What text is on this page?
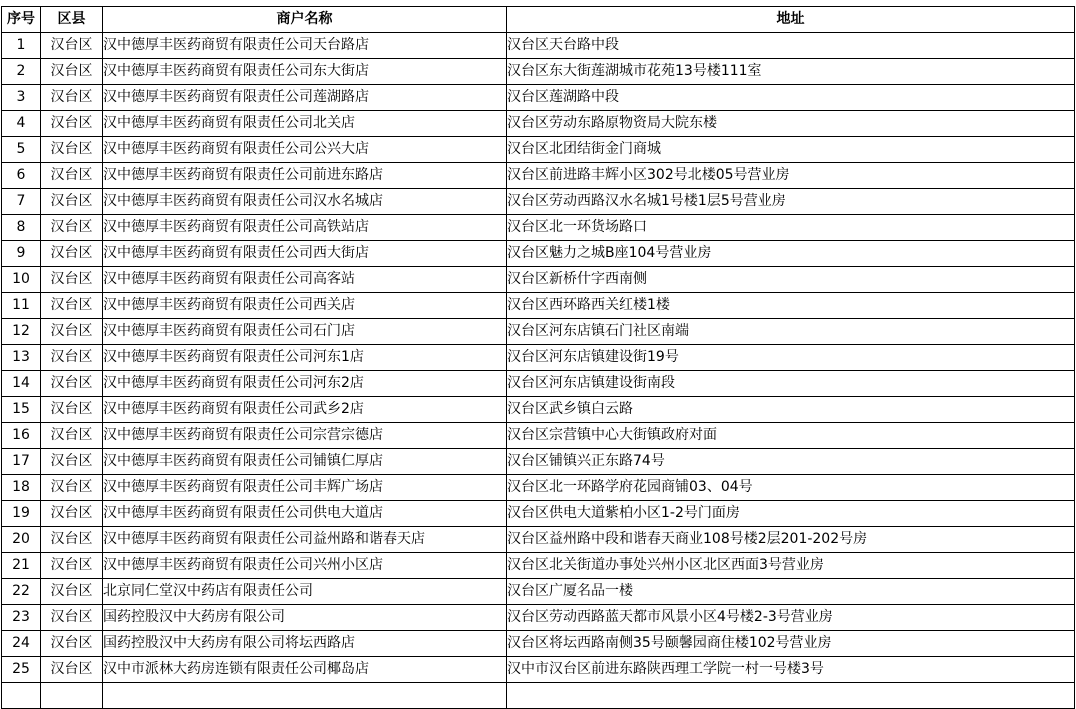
序号	区县	商户名称	地址
1	汉台区	汉中德厚丰医药商贸有限责任公司天台路店	汉台区天台路中段
2	汉台区	汉中德厚丰医药商贸有限责任公司东大街店	汉台区东大街莲湖城市花苑13号楼111室
3	汉台区	汉中德厚丰医药商贸有限责任公司莲湖路店	汉台区莲湖路中段
4	汉台区	汉中德厚丰医药商贸有限责任公司北关店	汉台区劳动东路原物资局大院东楼
5	汉台区	汉中德厚丰医药商贸有限责任公司公兴大店	汉台区北团结街金门商城
6	汉台区	汉中德厚丰医药商贸有限责任公司前进东路店	汉台区前进路丰辉小区302号北楼05号营业房
7	汉台区	汉中德厚丰医药商贸有限责任公司汉水名城店	汉台区劳动西路汉水名城1号楼1层5号营业房
8	汉台区	汉中德厚丰医药商贸有限责任公司高铁站店	汉台区北一环货场路口
9	汉台区	汉中德厚丰医药商贸有限责任公司西大街店	汉台区魅力之城B座104号营业房
10	汉台区	汉中德厚丰医药商贸有限责任公司高客站	汉台区新桥什字西南侧
11	汉台区	汉中德厚丰医药商贸有限责任公司西关店	汉台区西环路西关红楼1楼
12	汉台区	汉中德厚丰医药商贸有限责任公司石门店	汉台区河东店镇石门社区南端
13	汉台区	汉中德厚丰医药商贸有限责任公司河东1店	汉台区河东店镇建设街19号
14	汉台区	汉中德厚丰医药商贸有限责任公司河东2店	汉台区河东店镇建设街南段
15	汉台区	汉中德厚丰医药商贸有限责任公司武乡2店	汉台区武乡镇白云路
16	汉台区	汉中德厚丰医药商贸有限责任公司宗营宗德店	汉台区宗营镇中心大街镇政府对面
17	汉台区	汉中德厚丰医药商贸有限责任公司铺镇仁厚店	汉台区铺镇兴正东路74号
18	汉台区	汉中德厚丰医药商贸有限责任公司丰辉广场店	汉台区北一环路学府花园商铺03、04号
19	汉台区	汉中德厚丰医药商贸有限责任公司供电大道店	汉台区供电大道紫柏小区1-2号门面房
20	汉台区	汉中德厚丰医药商贸有限责任公司益州路和谐春天店	汉台区益州路中段和谐春天商业108号楼2层201-202号房
21	汉台区	汉中德厚丰医药商贸有限责任公司兴州小区店	汉台区北关街道办事处兴州小区北区西面3号营业房
22	汉台区	北京同仁堂汉中药店有限责任公司	汉台区广厦名品一楼
23	汉台区	国药控股汉中大药房有限公司	汉台区劳动西路蓝天都市风景小区4号楼2-3号营业房
24	汉台区	国药控股汉中大药房有限公司将坛西路店	汉台区将坛西路南侧35号颐馨园商住楼102号营业房
25	汉台区	汉中市派林大药房连锁有限责任公司椰岛店	汉中市汉台区前进东路陕西理工学院一村一号楼3号
